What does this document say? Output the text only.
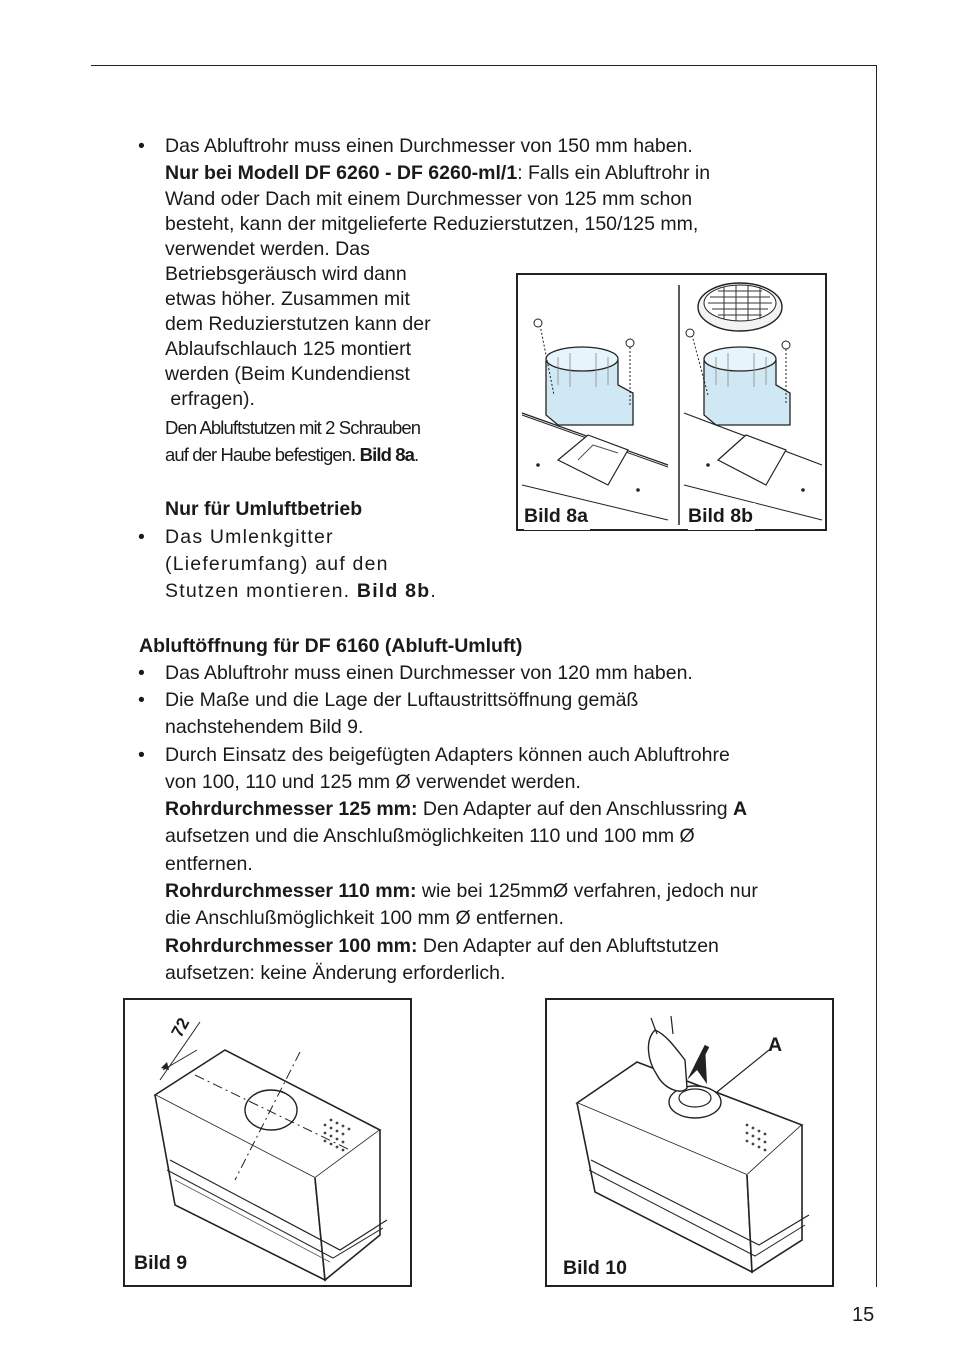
• Das Abluftrohr muss einen Durchmesser von 150 mm haben.
Nur bei Modell DF 6260 - DF 6260-ml/1: Falls ein Abluftrohr in
Wand oder Dach mit einem Durchmesser von 125 mm schon
besteht, kann der mitgelieferte Reduzierstutzen, 150/125 mm,
verwendet werden. Das
Betriebsgeräusch wird dann
etwas höher. Zusammen mit
dem Reduzierstutzen kann der
Ablaufschlauch 125 montiert
werden (Beim Kundendienst
erfragen).
Den Abluftstutzen mit 2 Schrauben
auf der Haube befestigen. Bild 8a.
Nur für Umluftbetrieb
• Das Umlenkgitter
(Lieferumfang) auf den
Stutzen montieren. Bild 8b.
Bild 8a	Bild 8b
Abluftöffnung für DF 6160 (Abluft-Umluft)
• Das Abluftrohr muss einen Durchmesser von 120 mm haben.
• Die Maße und die Lage der Luftaustrittsöffnung gemäß
nachstehendem Bild 9.
• Durch Einsatz des beigefügten Adapters können auch Abluftrohre
von 100, 110 und 125 mm Ø verwendet werden.
Rohrdurchmesser 125 mm: Den Adapter auf den Anschlussring A
aufsetzen und die Anschlußmöglichkeiten 110 und 100 mm Ø
entfernen.
Rohrdurchmesser 110 mm: wie bei 125mmØ verfahren, jedoch nur
die Anschlußmöglichkeit 100 mm Ø entfernen.
Rohrdurchmesser 100 mm: Den Adapter auf den Abluftstutzen
aufsetzen: keine Änderung erforderlich.
72
Bild 9
A
Bild 10
15
